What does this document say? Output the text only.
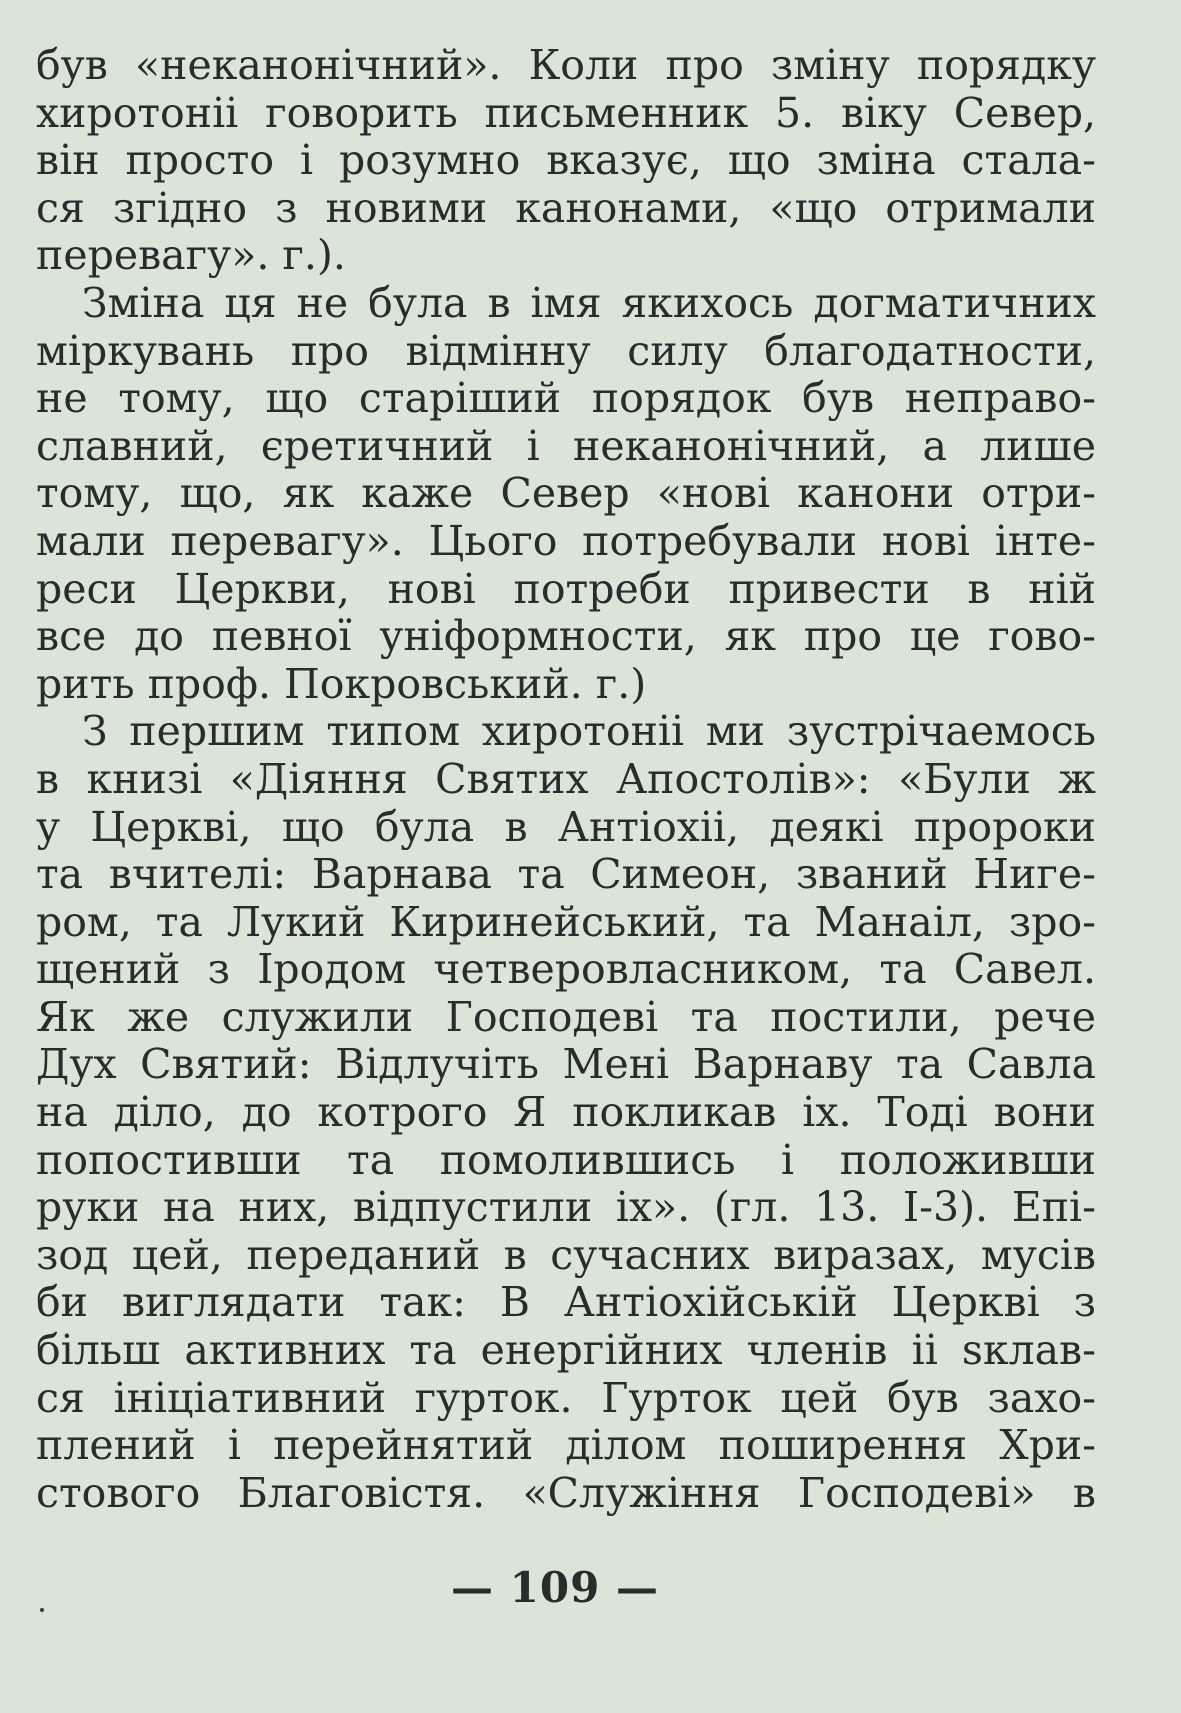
був «неканонічний». Коли про зміну порядку
хиротоніі говорить письменник 5. віку Север,
він просто і розумно вказує, що зміна стала-
ся згідно з новими канонами, «що отримали
перевагу». г.).
Зміна ця не була в імя якихось догматичних
міркувань про відмінну силу благодатности,
не тому, що старіший порядок був неправо-
славний, єретичний і неканонічний, а лише
тому, що, як каже Север «нові канони отри-
мали перевагу». Цього потребували нові інте-
реси Церкви, нові потреби привести в ній
все до певної уніформности, як про це гово-
рить проф. Покровський. г.)
З першим типом хиротоніі ми зустрічаемось
в книзі «Діяння Святих Апостолів»: «Були ж
у Церкві, що була в Антіохіі, деякі пророки
та вчителі: Варнава та Симеон, званий Ниге-
ром, та Лукий Киринейський, та Манаіл, зро-
щений з Іродом четверовласником, та Савел.
Як же служили Господеві та постили, рече
Дух Святий: Відлучіть Мені Варнаву та Савла
на діло, до котрого Я покликав іх. Тоді вони
попостивши та помолившись і положивши
руки на них, відпустили іх». (гл. 13. І-3). Епі-
зод цей, переданий в сучасних виразах, мусів
би виглядати так: В Антіохійській Церкві з
більш активних та енергійних членів іі sклав-
ся ініціативний гурток. Гурток цей був захо-
плений і перейнятий ділом поширення Хри-
стового Благовістя. «Служіння Господеві» в
— 109 —
